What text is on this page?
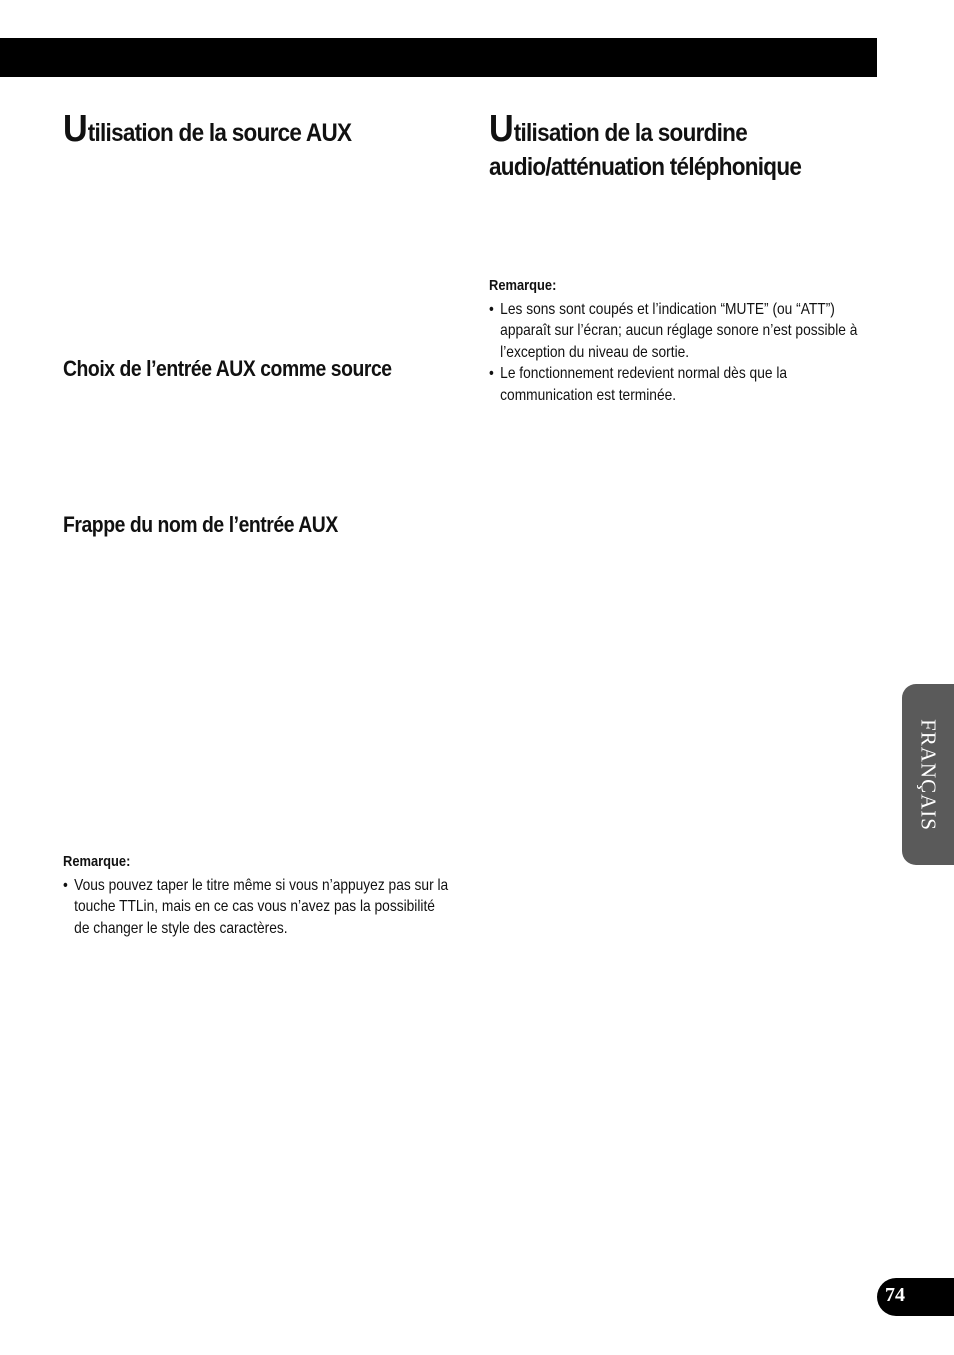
Utilisation de la source AUX
Choix de l’entrée AUX comme source
Frappe du nom de l’entrée AUX
Remarque:
• Vous pouvez taper le titre même si vous n’appuyez pas sur la touche TTLin, mais en ce cas vous n’avez pas la possibilité de changer le style des caractères.
Utilisation de la sourdine
audio/atténuation téléphonique
Remarque:
• Les sons sont coupés et l’indication “MUTE” (ou “ATT”) apparaît sur l’écran; aucun réglage sonore n’est possible à l’exception du niveau de sortie.
• Le fonctionnement redevient normal dès que la communication est terminée.
FRANÇAIS
74
